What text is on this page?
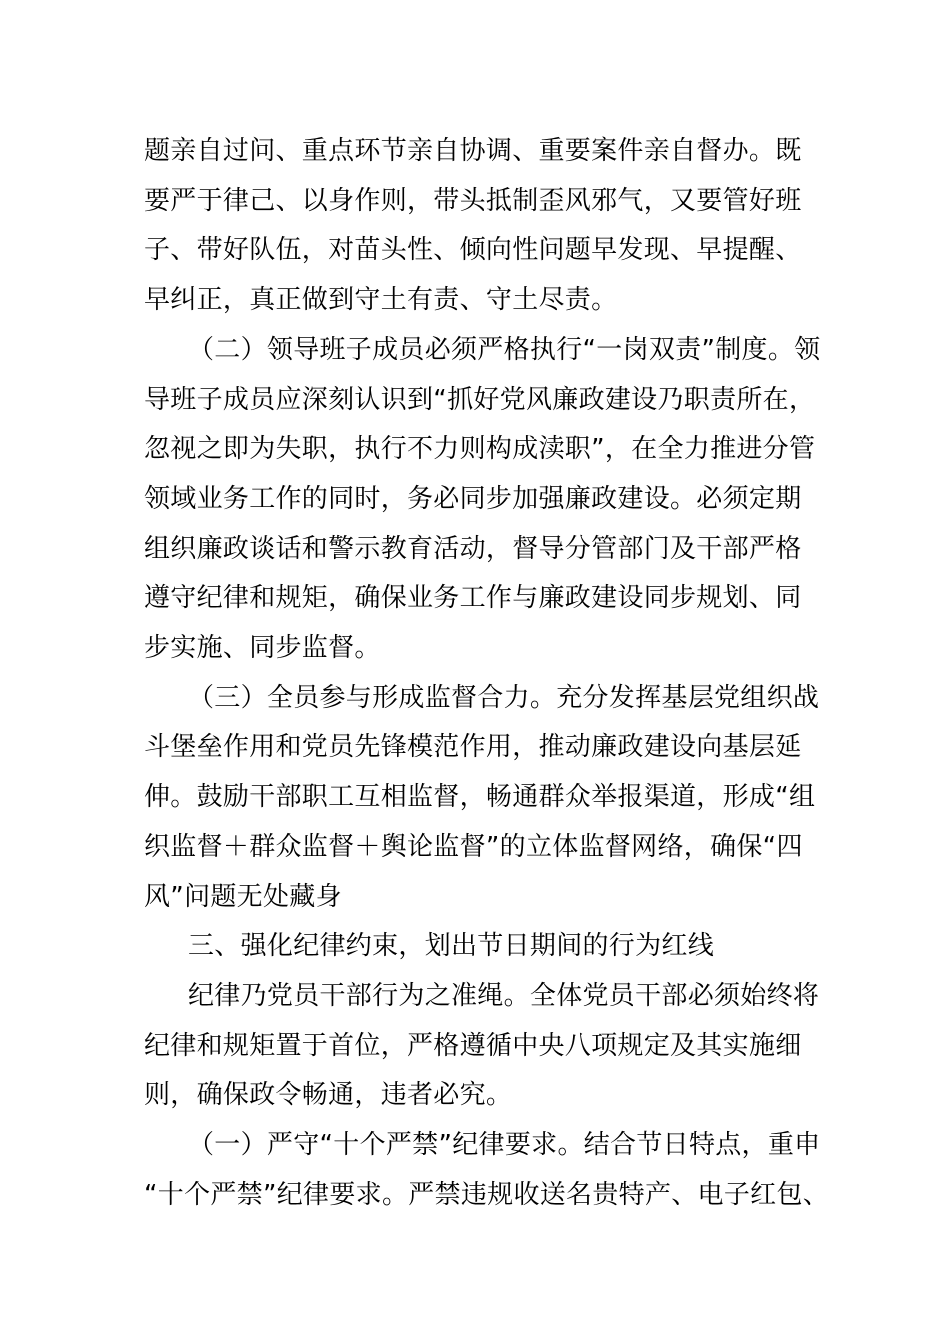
题亲自过问、重点环节亲自协调、重要案件亲自督办。既
要严于律己、以身作则，带头抵制歪风邪气，又要管好班
子、带好队伍，对苗头性、倾向性问题早发现、早提醒、
早纠正，真正做到守土有责、守土尽责。
（二）领导班子成员必须严格执行“一岗双责”制度。领
导班子成员应深刻认识到“抓好党风廉政建设乃职责所在，
忽视之即为失职，执行不力则构成渎职”，在全力推进分管
领域业务工作的同时，务必同步加强廉政建设。必须定期
组织廉政谈话和警示教育活动，督导分管部门及干部严格
遵守纪律和规矩，确保业务工作与廉政建设同步规划、同
步实施、同步监督。
（三）全员参与形成监督合力。充分发挥基层党组织战
斗堡垒作用和党员先锋模范作用，推动廉政建设向基层延
伸。鼓励干部职工互相监督，畅通群众举报渠道，形成“组
织监督＋群众监督＋舆论监督”的立体监督网络，确保“四
风”问题无处藏身
三、强化纪律约束，划出节日期间的行为红线
纪律乃党员干部行为之准绳。全体党员干部必须始终将
纪律和规矩置于首位，严格遵循中央八项规定及其实施细
则，确保政令畅通，违者必究。
（一）严守“十个严禁”纪律要求。结合节日特点，重申
“十个严禁”纪律要求。严禁违规收送名贵特产、电子红包、
